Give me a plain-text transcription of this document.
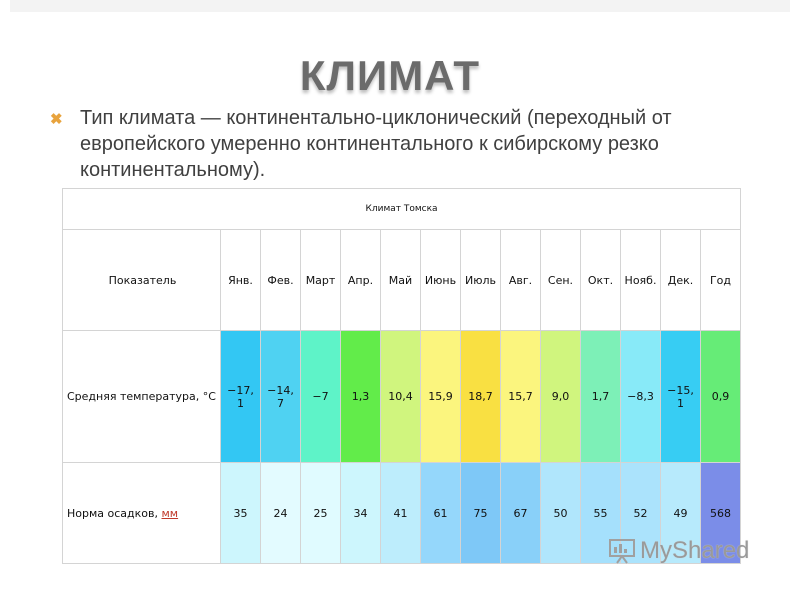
КЛИМАТ
✖ Тип климата — континентально-циклонический (переходный от европейского умеренно континентального к сибирскому резко континентальному).
Климат Томска													
Показатель	Янв.	Фев.	Март	Апр.	Май	Июнь	Июль	Авг.	Сен.	Окт.	Нояб.	Дек.	Год
Средняя температура, °C	−17, 1	−14, 7	−7	1,3	10,4	15,9	18,7	15,7	9,0	1,7	−8,3	−15, 1	0,9
Норма осадков, мм	35	24	25	34	41	61	75	67	50	55	52	49	568
MyShared
